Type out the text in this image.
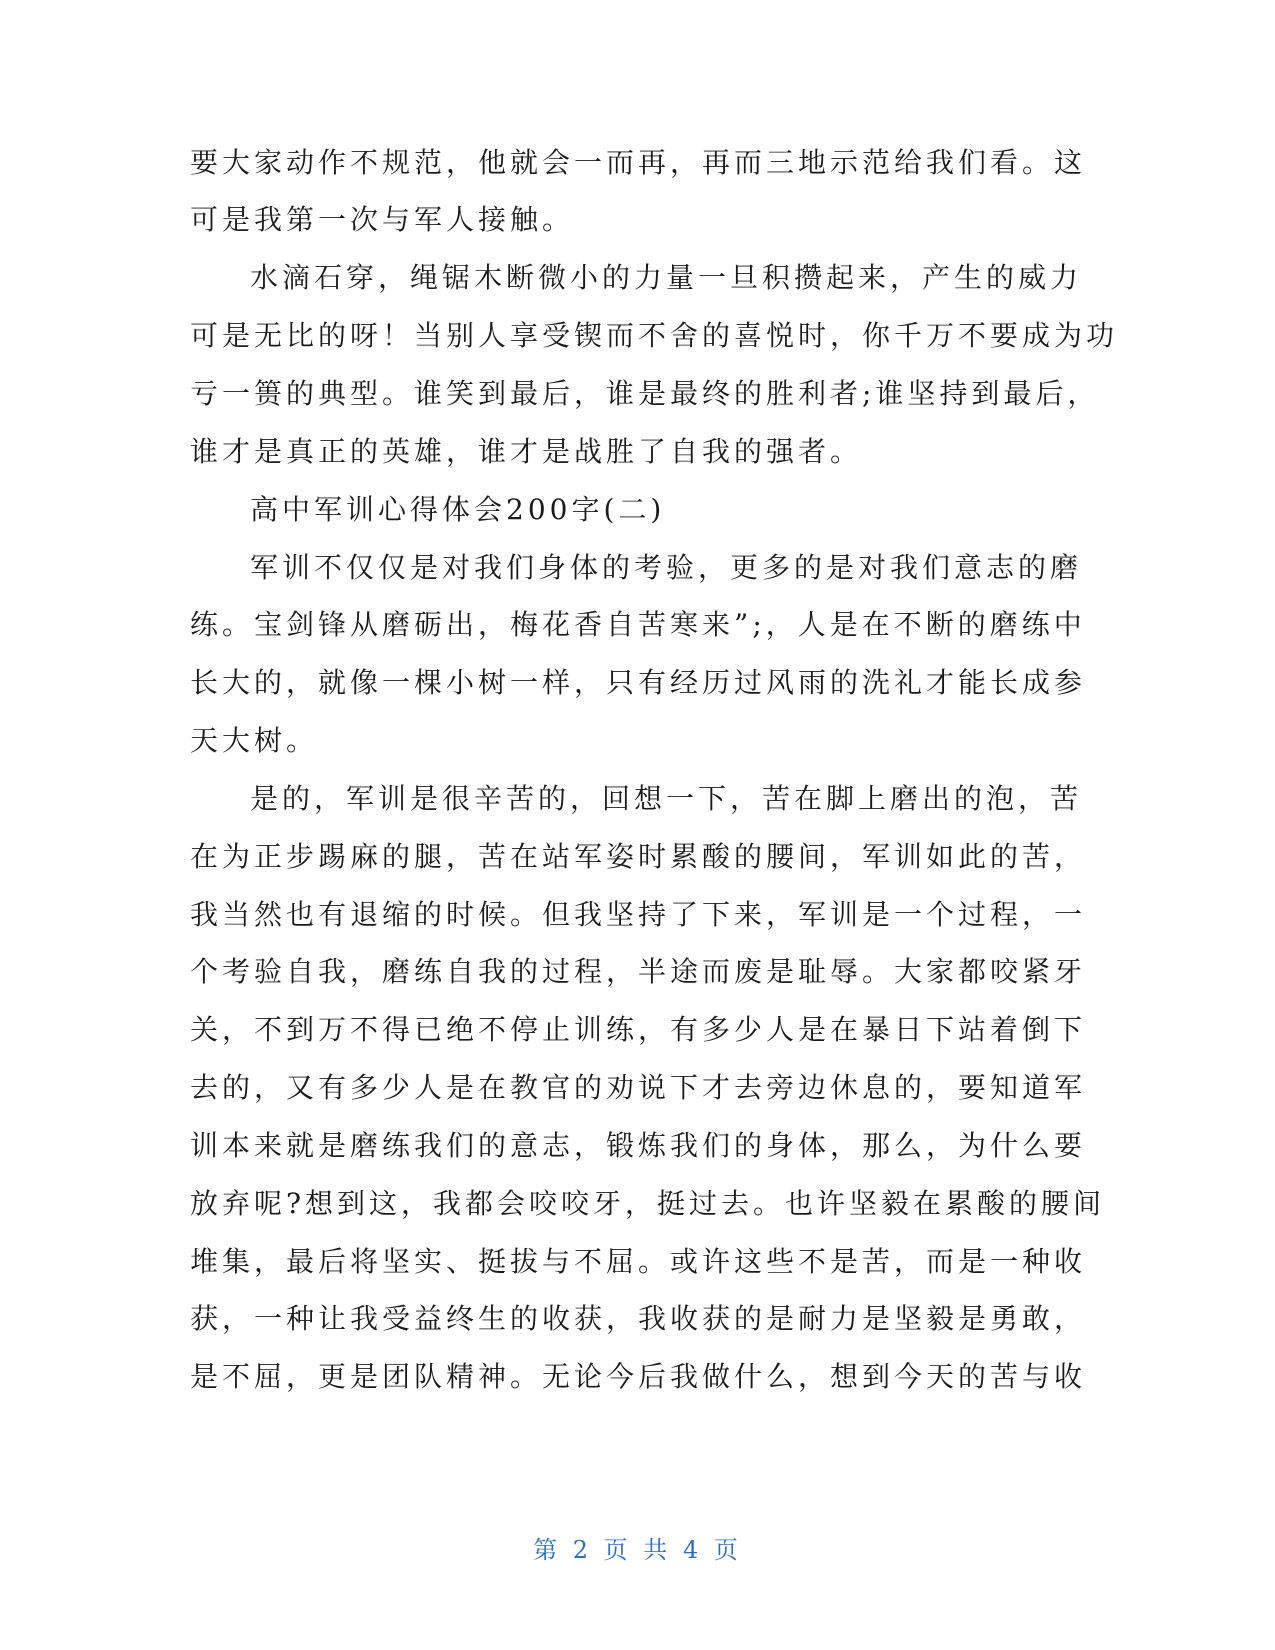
要大家动作不规范，他就会一而再，再而三地示范给我们看。这
可是我第一次与军人接触。
水滴石穿，绳锯木断微小的力量一旦积攒起来，产生的威力
可是无比的呀！当别人享受锲而不舍的喜悦时，你千万不要成为功
亏一篑的典型。谁笑到最后，谁是最终的胜利者;谁坚持到最后，
谁才是真正的英雄，谁才是战胜了自我的强者。
高中军训心得体会200字(二)
军训不仅仅是对我们身体的考验，更多的是对我们意志的磨
练。宝剑锋从磨砺出，梅花香自苦寒来”;，人是在不断的磨练中
长大的，就像一棵小树一样，只有经历过风雨的洗礼才能长成参
天大树。
是的，军训是很辛苦的，回想一下，苦在脚上磨出的泡，苦
在为正步踢麻的腿，苦在站军姿时累酸的腰间，军训如此的苦，
我当然也有退缩的时候。但我坚持了下来，军训是一个过程，一
个考验自我，磨练自我的过程，半途而废是耻辱。大家都咬紧牙
关，不到万不得已绝不停止训练，有多少人是在暴日下站着倒下
去的，又有多少人是在教官的劝说下才去旁边休息的，要知道军
训本来就是磨练我们的意志，锻炼我们的身体，那么，为什么要
放弃呢?想到这，我都会咬咬牙，挺过去。也许坚毅在累酸的腰间
堆集，最后将坚实、挺拔与不屈。或许这些不是苦，而是一种收
获，一种让我受益终生的收获，我收获的是耐力是坚毅是勇敢，
是不屈，更是团队精神。无论今后我做什么，想到今天的苦与收
第 2 页 共 4 页
